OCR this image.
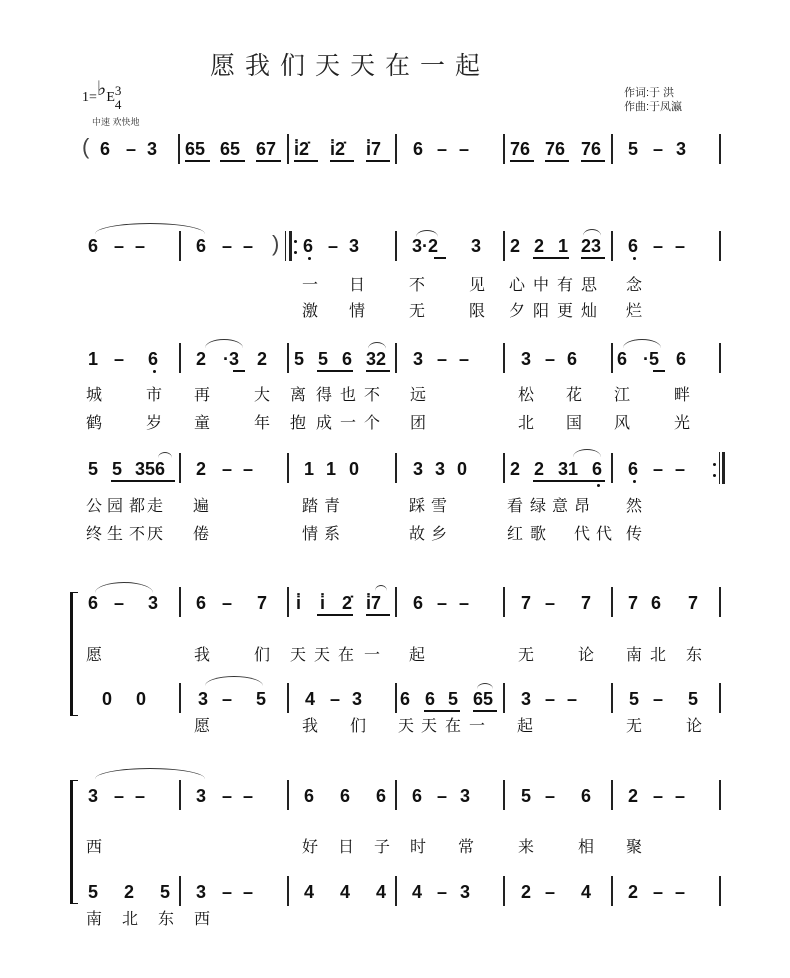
愿我们天天在一起
1=♭E3
4
中速 欢快地
作词:于 洪
作曲:于凤瀛
( 6 – 3 65 65 67 i̇2̇ i̇2̇ i̇7 6 – – 76 76 76 5 – 3
6 – –	6 – – ) 6 – 3	3·2 3 2 2 1 23 6 – –
一 日	不	见 心 中 有 思 念
激 情	无	限 夕 阳 更 灿 烂
1 – 6 2 ·3 2 5 5 6 32 3 – –	3 – 6 6 ·5 6
城	市 再	大 离 得 也 不 远	松 花 江	畔
鹤	岁 童	年 抱 成 一 个 团	北 国 风	光
5 5 356 2 – –	1 1 0	3 3 0 2 2 31 6 6 – –
公 园 都 走 遍	踏 青	踩 雪	看 绿 意 昂 然
终 生 不 厌 倦	情 系	故 乡	红 歌 代 代 传
6 – 3 6 – 7 i̇ i̇ 2̇ i̇7 6 – –	7 – 7 7 6 7
愿	我	们 天 天 在 一 起	无	论 南 北 东
0 0	3 – 5 4 – 3 6 6 5 65 3 – –	5 – 5
愿	我 们 天 天 在 一 起	无	论
3 – –	3 – –	6 6 6 6 – 3	5 – 6 2 – –
西	好 日 子 时 常	来	相 聚
5 2 5 3 – –	4 4 4 4 – 3	2 – 4 2 – –
南 北 东 西
